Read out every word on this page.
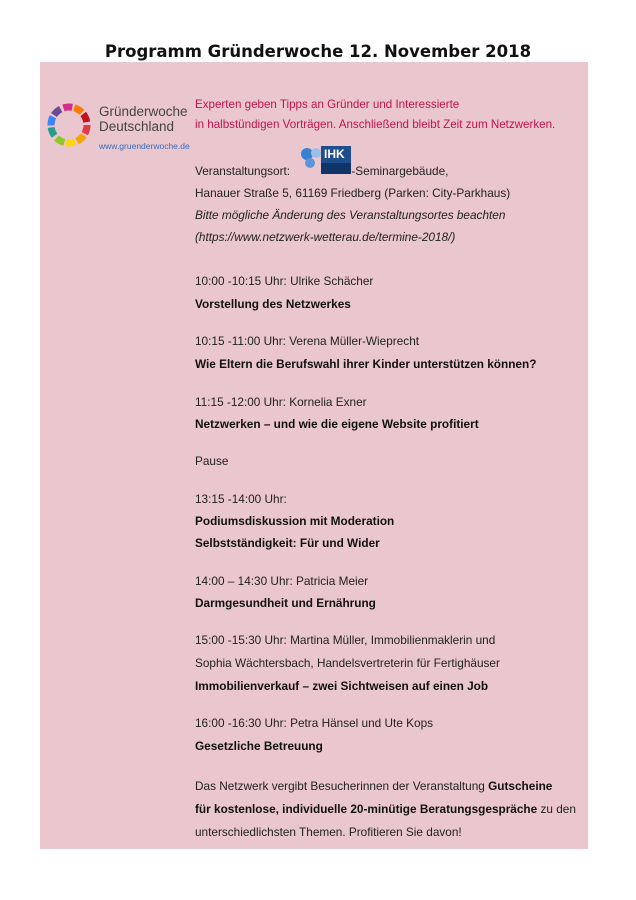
Programm Gründerwoche 12. November 2018
Gründerwoche
Deutschland
www.gruenderwoche.de
Experten geben Tipps an Gründer und Interessierte
in halbstündigen Vorträgen. Anschließend bleibt Zeit zum Netzwerken.
Veranstaltungsort:
IHK
-Seminargebäude,
Hanauer Straße 5, 61169 Friedberg (Parken: City-Parkhaus)
Bitte mögliche Änderung des Veranstaltungsortes beachten
(https://www.netzwerk-wetterau.de/termine-2018/)
10:00 -10:15 Uhr: Ulrike Schächer
Vorstellung des Netzwerkes
10:15 -11:00 Uhr: Verena Müller-Wieprecht
Wie Eltern die Berufswahl ihrer Kinder unterstützen können?
11:15 -12:00 Uhr: Kornelia Exner
Netzwerken – und wie die eigene Website profitiert
Pause
13:15 -14:00 Uhr:
Podiumsdiskussion mit Moderation
Selbstständigkeit: Für und Wider
14:00 – 14:30 Uhr: Patricia Meier
Darmgesundheit und Ernährung
15:00 -15:30 Uhr: Martina Müller, Immobilienmaklerin und
Sophia Wächtersbach, Handelsvertreterin für Fertighäuser
Immobilienverkauf – zwei Sichtweisen auf einen Job
16:00 -16:30 Uhr: Petra Hänsel und Ute Kops
Gesetzliche Betreuung
Das Netzwerk vergibt Besucherinnen der Veranstaltung Gutscheine
für kostenlose, individuelle 20-minütige Beratungsgespräche zu den
unterschiedlichsten Themen. Profitieren Sie davon!
